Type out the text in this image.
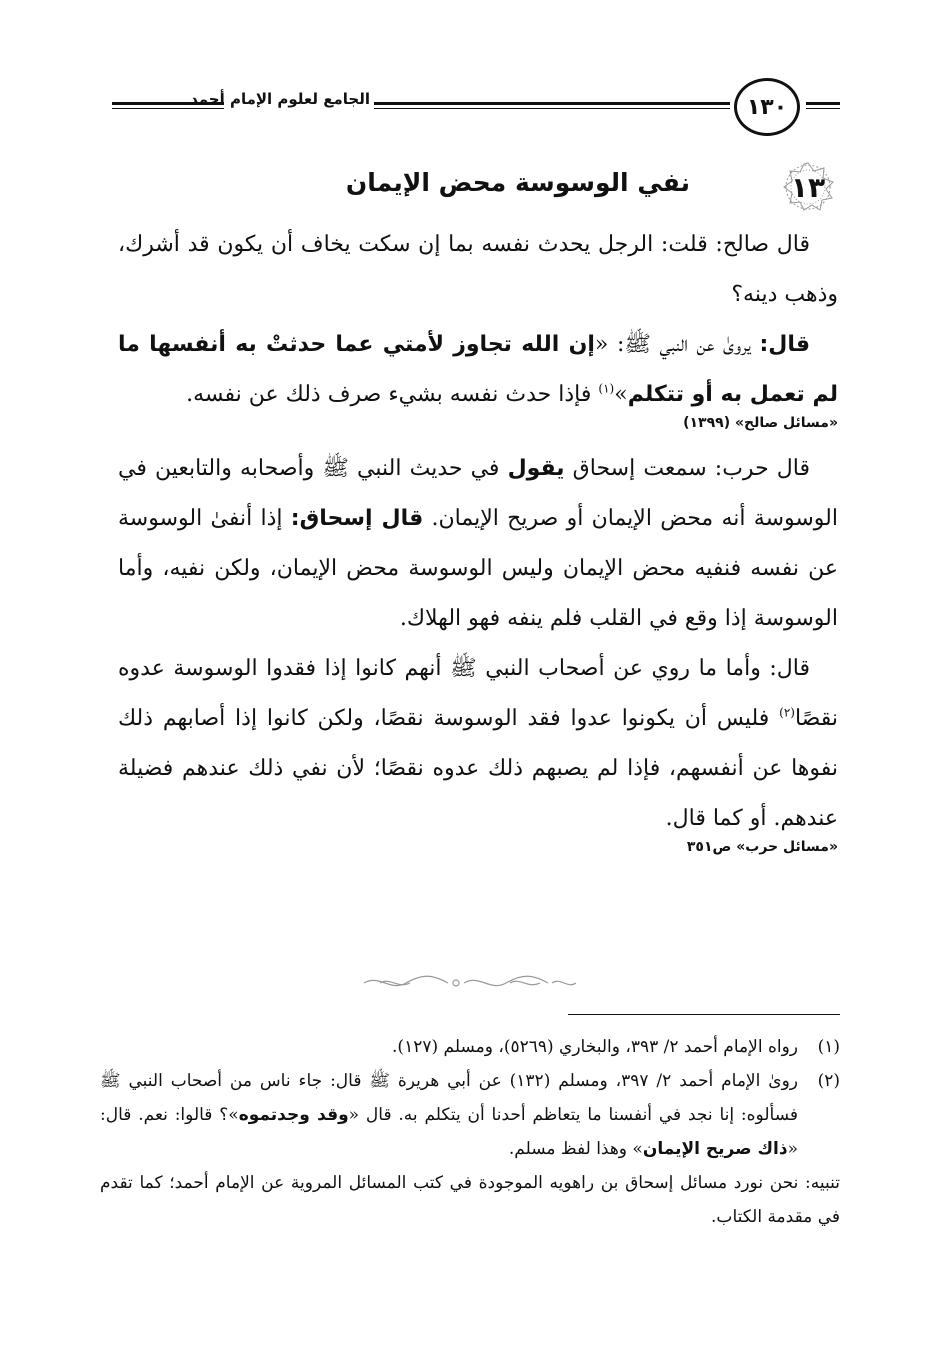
الجامع لعلوم الإمام أحمد	١٣٠
١٣
نفي الوسوسة محض الإيمان

قال صالح: قلت: الرجل يحدث نفسه بما إن سكت يخاف أن يكون قد أشرك، وذهب دينه؟

قال: يرویٰ عن النبي ﷺ: «إن الله تجاوز لأمتي عما حدثتْ به أنفسها ما لم تعمل به أو تتكلم»$^{(١)}$ فإذا حدث نفسه بشيء صرف ذلك عن نفسه.

«مسائل صالح» (١٣٩٩)

قال حرب: سمعت إسحاق يقول في حديث النبي ﷺ وأصحابه والتابعين في الوسوسة أنه محض الإيمان أو صريح الإيمان. قال إسحاق: إذا أنفىٰ الوسوسة عن نفسه فنفيه محض الإيمان وليس الوسوسة محض الإيمان، ولكن نفيه، وأما الوسوسة إذا وقع في القلب فلم ينفه فهو الهلاك.

قال: وأما ما روي عن أصحاب النبي ﷺ أنهم كانوا إذا فقدوا الوسوسة عدوه نقصًا$^{(٢)}$ فليس أن يكونوا عدوا فقد الوسوسة نقصًا، ولكن كانوا إذا أصابهم ذلك نفوها عن أنفسهم، فإذا لم يصبهم ذلك عدوه نقصًا؛ لأن نفي ذلك عندهم فضيلة عندهم. أو كما قال.

«مسائل حرب» ص٣٥١

(١)
رواه الإمام أحمد ٢/ ٣٩٣، والبخاري (٥٢٦٩)، ومسلم (١٢٧).

(٢)
روىٰ الإمام أحمد ٢/ ٣٩٧، ومسلم (١٣٢) عن أبي هريرة ﷺ قال: جاء ناس من أصحاب النبي ﷺ فسألوه: إنا نجد في أنفسنا ما يتعاظم أحدنا أن يتكلم به. قال «وقد وجدتموه»؟ قالوا: نعم. قال: «ذاك صريح الإيمان» وهذا لفظ مسلم.

تنبيه: نحن نورد مسائل إسحاق بن راهويه الموجودة في كتب المسائل المروية عن الإمام أحمد؛ كما تقدم في مقدمة الكتاب.
